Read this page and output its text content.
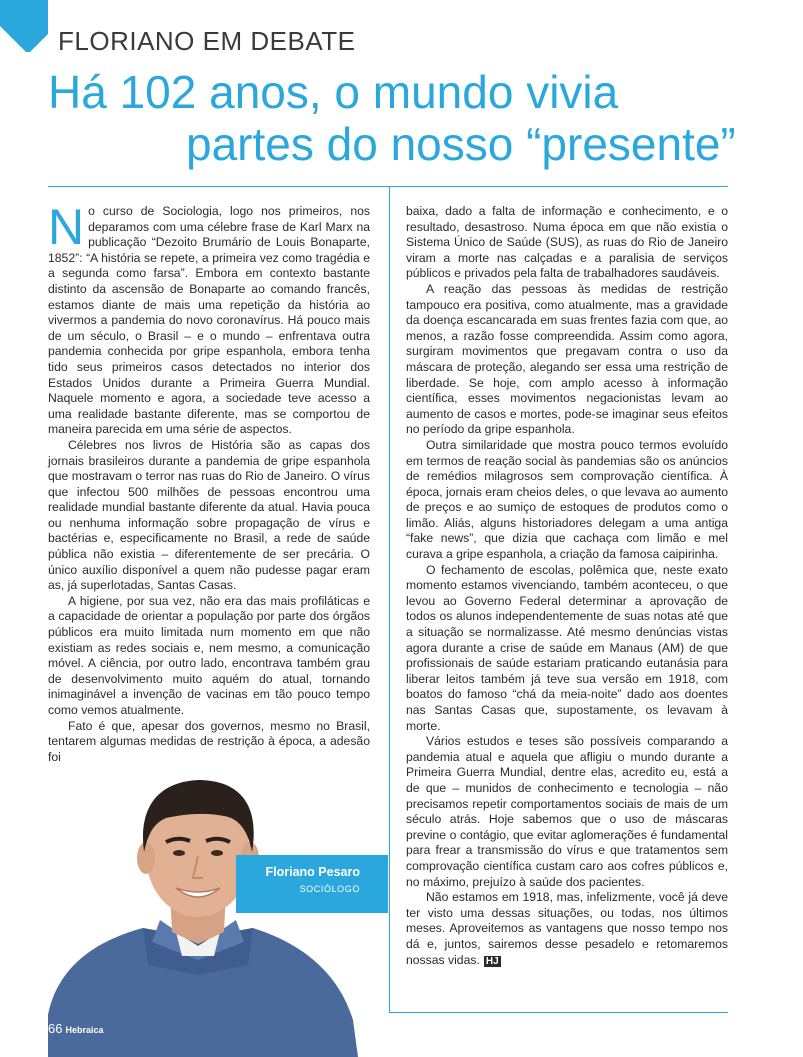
FLORIANO EM DEBATE
Há 102 anos, o mundo vivia
partes do nosso “presente”

No curso de Sociologia, logo nos primeiros, nos deparamos com uma célebre frase de Karl Marx na publicação “Dezoito Brumário de Louis Bonaparte, 1852”: “A história se repete, a primeira vez como tragédia e a segunda como farsa”. Embora em contexto bastante distinto da ascensão de Bonaparte ao comando francês, estamos diante de mais uma repetição da história ao vivermos a pandemia do novo coronavírus. Há pouco mais de um século, o Brasil – e o mundo – enfrentava outra pandemia conhecida por gripe espanhola, embora tenha tido seus primeiros casos detectados no interior dos Estados Unidos durante a Primeira Guerra Mundial. Naquele momento e agora, a sociedade teve acesso a uma realidade bastante diferente, mas se comportou de maneira parecida em uma série de aspectos.

Célebres nos livros de História são as capas dos jornais brasileiros durante a pandemia de gripe espanhola que mostravam o terror nas ruas do Rio de Janeiro. O vírus que infectou 500 milhões de pessoas encontrou uma realidade mundial bastante diferente da atual. Havia pouca ou nenhuma informação sobre propagação de vírus e bactérias e, especificamente no Brasil, a rede de saúde pública não existia – diferentemente de ser precária. O único auxílio disponível a quem não pudesse pagar eram as, já superlotadas, Santas Casas.

A higiene, por sua vez, não era das mais profiláticas e a capacidade de orientar a população por parte dos órgãos públicos era muito limitada num momento em que não existiam as redes sociais e, nem mesmo, a comunicação móvel. A ciência, por outro lado, encontrava também grau de desenvolvimento muito aquém do atual, tornando inimaginável a invenção de vacinas em tão pouco tempo como vemos atualmente.

Fato é que, apesar dos governos, mesmo no Brasil, tentarem algumas medidas de restrição à época, a adesão foi

baixa, dado a falta de informação e conhecimento, e o resultado, desastroso. Numa época em que não existia o Sistema Único de Saúde (SUS), as ruas do Rio de Janeiro viram a morte nas calçadas e a paralisia de serviços públicos e privados pela falta de trabalhadores saudáveis.

A reação das pessoas às medidas de restrição tampouco era positiva, como atualmente, mas a gravidade da doença escancarada em suas frentes fazia com que, ao menos, a razão fosse compreendida. Assim como agora, surgiram movimentos que pregavam contra o uso da máscara de proteção, alegando ser essa uma restrição de liberdade. Se hoje, com amplo acesso à informação científica, esses movimentos negacionistas levam ao aumento de casos e mortes, pode-se imaginar seus efeitos no período da gripe espanhola.

Outra similaridade que mostra pouco termos evoluído em termos de reação social às pandemias são os anúncios de remédios milagrosos sem comprovação científica. À época, jornais eram cheios deles, o que levava ao aumento de preços e ao sumiço de estoques de produtos como o limão. Aliás, alguns historiadores delegam a uma antiga “fake news”, que dizia que cachaça com limão e mel curava a gripe espanhola, a criação da famosa caipirinha.

O fechamento de escolas, polêmica que, neste exato momento estamos vivenciando, também aconteceu, o que levou ao Governo Federal determinar a aprovação de todos os alunos independentemente de suas notas até que a situação se normalizasse. Até mesmo denúncias vistas agora durante a crise de saúde em Manaus (AM) de que profissionais de saúde estariam praticando eutanásia para liberar leitos também já teve sua versão em 1918, com boatos do famoso “chá da meia-noite” dado aos doentes nas Santas Casas que, supostamente, os levavam à morte.

Vários estudos e teses são possíveis comparando a pandemia atual e aquela que afligiu o mundo durante a Primeira Guerra Mundial, dentre elas, acredito eu, está a de que – munidos de conhecimento e tecnologia – não precisamos repetir comportamentos sociais de mais de um século atrás. Hoje sabemos que o uso de máscaras previne o contágio, que evitar aglomerações é fundamental para frear a transmissão do vírus e que tratamentos sem comprovação científica custam caro aos cofres públicos e, no máximo, prejuízo à saúde dos pacientes.

Não estamos em 1918, mas, infelizmente, você já deve ter visto uma dessas situações, ou todas, nos últimos meses. Aproveitemos as vantagens que nosso tempo nos dá e, juntos, sairemos desse pesadelo e retomaremos nossas vidas. HJ

Floriano Pesaro
SOCIÓLOGO
66 Hebraica
